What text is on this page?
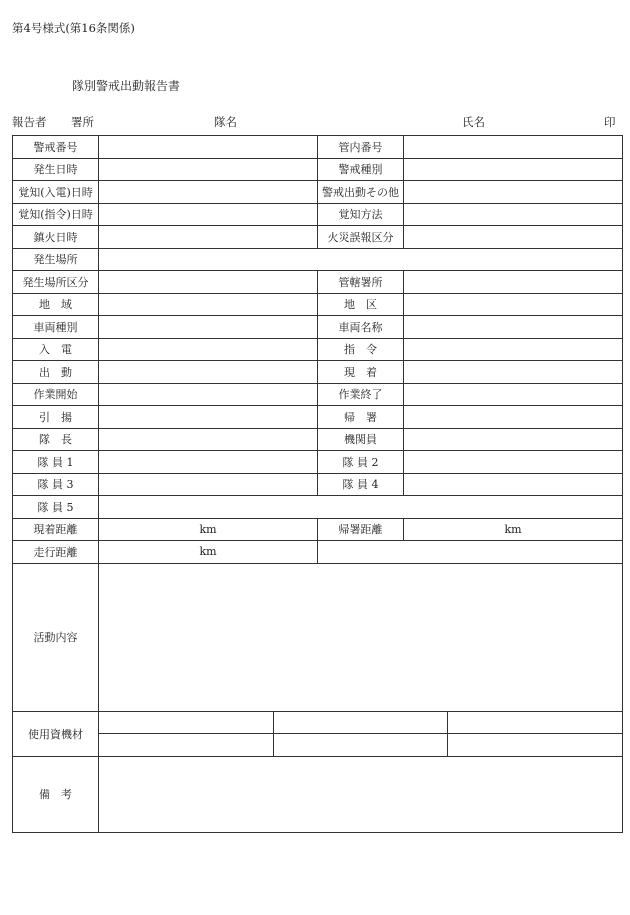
第4号様式(第16条関係)
隊別警戒出動報告書
報告者 署所	隊名	氏名	印
警戒番号		管内番号	
発生日時		警戒種別	
覚知(入電)日時		警戒出動その他	
覚知(指令)日時		覚知方法	
鎮火日時		火災誤報区分	
発生場所	
発生場所区分		管轄署所	
地　域		地　区	
車両種別		車両名称	
入　電		指　令	
出　動		現　着	
作業開始		作業終了	
引　揚		帰　署	
隊　長		機関員	
隊 員 1		隊 員 2	
隊 員 3		隊 員 4	
隊 員 5	
現着距離	km	帰署距離	km
走行距離	km	
活動内容	
使用資機材	

備　考	
